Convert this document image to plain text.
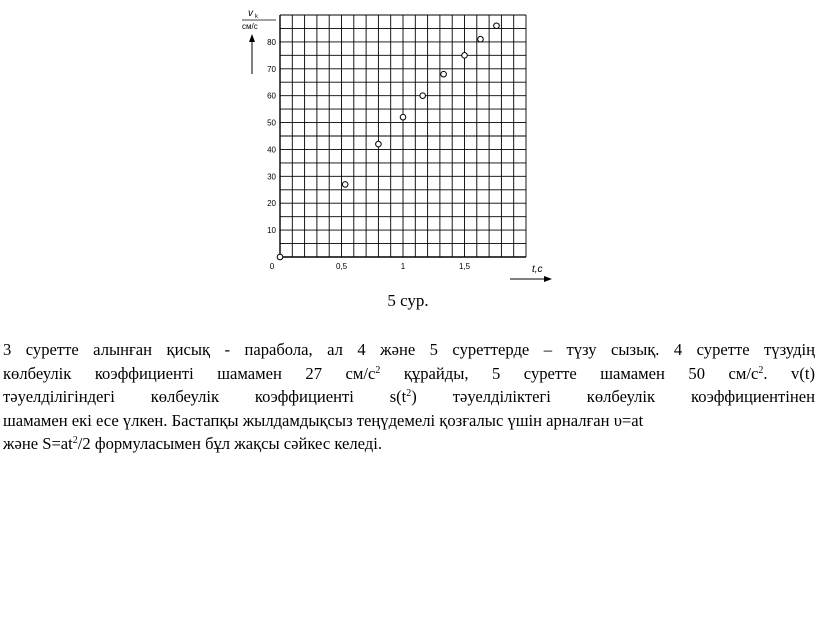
10
20
30
40
50
60
70
80
0	0,5	1	1,5
v k
см/с
t,c
5 сур.
3 суретте алынған қисық - парабола, ал 4 және 5 суреттерде – түзу сызық. 4 суретте түзудің
көлбеулік коэффициенті шамамен 27 $см/с^2$ құрайды, 5 суретте шамамен 50 $см/с^2$. v(t)
тәуелділігіндегі көлбеулік коэффициенті $s(t^2)$ тәуелділіктегі көлбеулік коэффициентінен
шамамен екі есе үлкен. Бастапқы жылдамдықсыз теңүдемелі қозғалыс үшін арналған υ=at
және $S=at^2/2$ формуласымен бұл жақсы сәйкес келеді.
